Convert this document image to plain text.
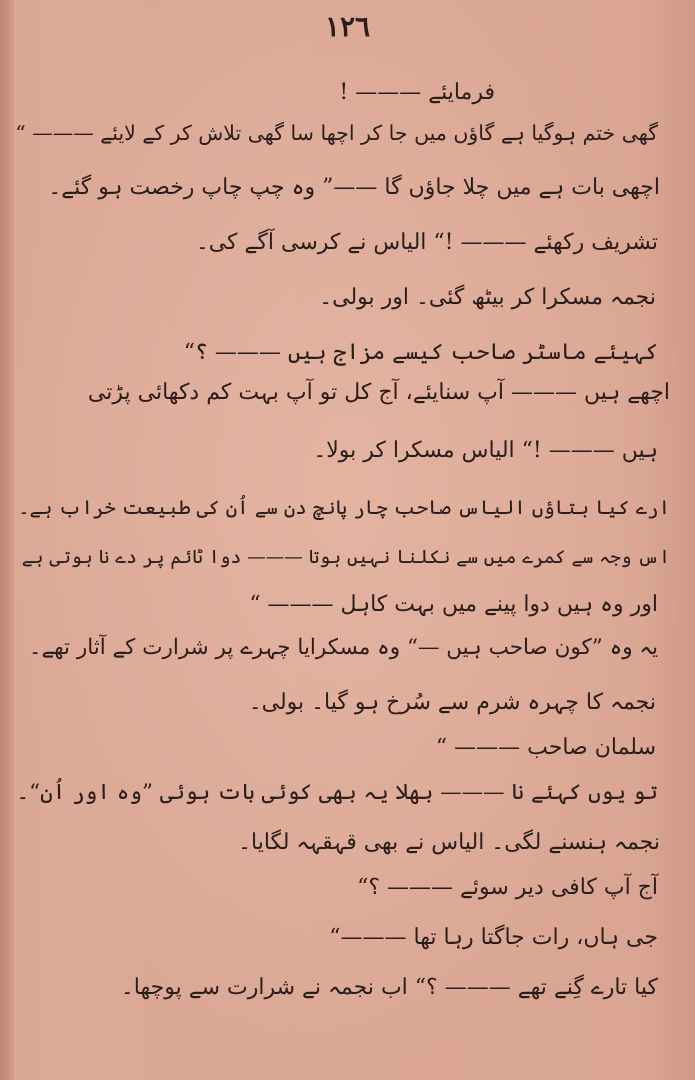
١٢٦
فرمایئے ——— !
گھی ختم ہوگیا ہے گاؤں میں جا کر اچھا سا گھی تلاش کر کے لایئے ——— “
اچھی بات ہے میں چلا جاؤں گا ——” وہ چپ چاپ رخصت ہو گئے۔
تشریف رکھئے ——— !“ الیاس نے کرسی آگے کی۔
نجمہ مسکرا کر بیٹھ گئی۔ اور بولی۔
کہیئے ماسٹر صاحب کیسے مزاج ہیں ——— ؟“
اچھے ہیں ——— آپ سنایئے، آج کل تو آپ بہت کم دکھائی پڑتی
ہیں ——— !“ الیاس مسکرا کر بولا۔
ارے کیا بتاؤں الیاس صاحب چار پانچ دن سے اُن کی طبیعت خراب ہے۔
اس وجہ سے کمرے میں سے نکلنا نہیں ہوتا ——— دوا ٹائم پر دے نا ہوتی ہے
اور وہ ہیں دوا پینے میں بہت کاہل ——— “
یہ وہ ”کون صاحب ہیں —“ وہ مسکرایا چہرے پر شرارت کے آثار تھے۔
نجمہ کا چہرہ شرم سے سُرخ ہو گیا۔ بولی۔
سلمان صاحب ——— “
تو یوں کہئے نا ——— بھلا یہ بھی کوئی بات ہوئی ”وہ اور اُن“۔
نجمہ ہنسنے لگی۔ الیاس نے بھی قہقہہ لگایا۔
آج آپ کافی دیر سوئے ——— ؟“
جی ہاں، رات جاگتا رہا تھا ———“
کیا تارے گِنے تھے ——— ؟“ اب نجمہ نے شرارت سے پوچھا۔
